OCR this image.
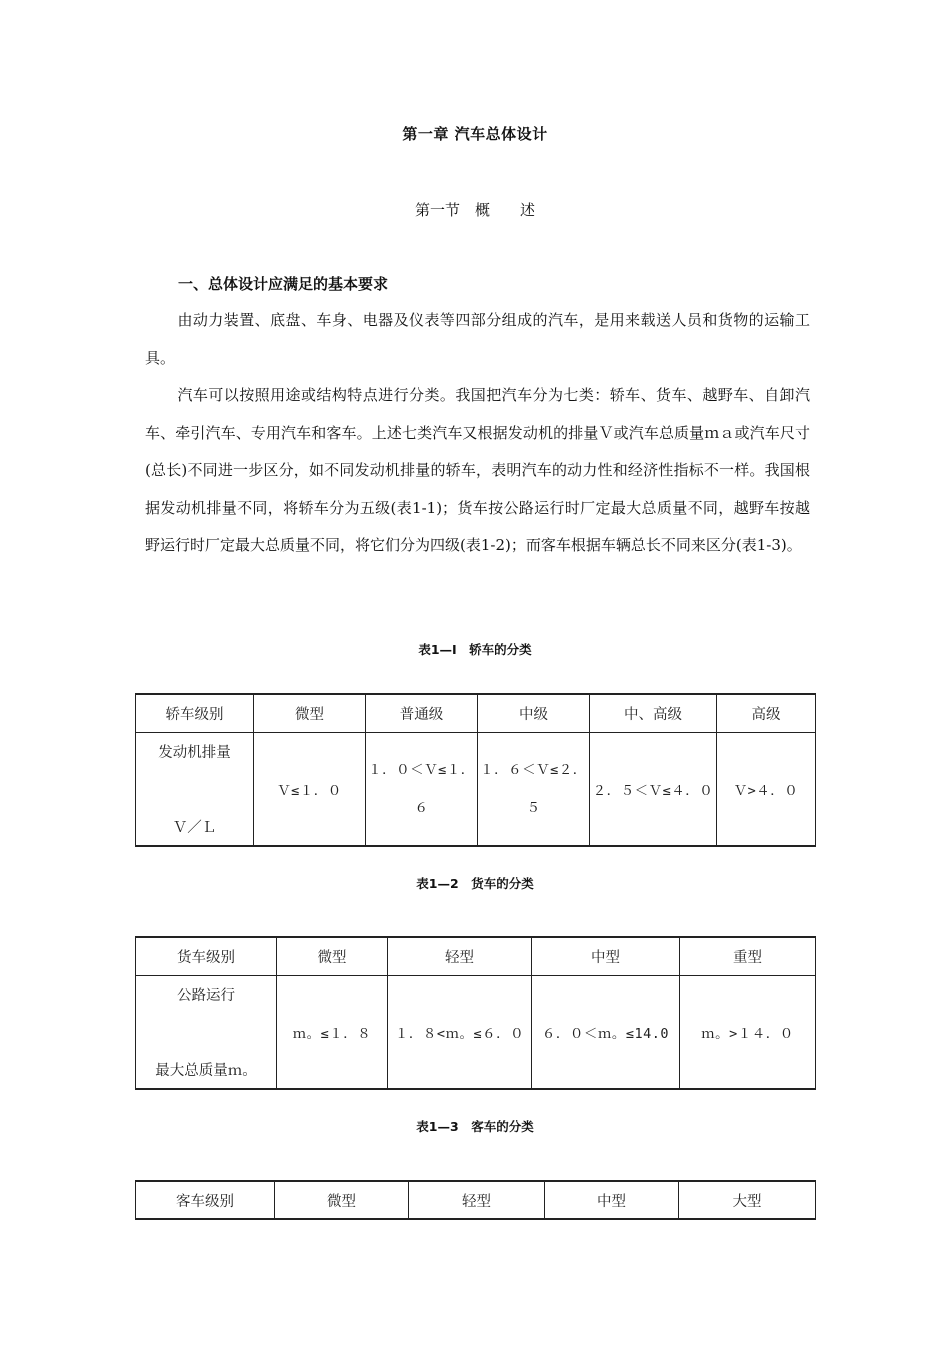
第一章 汽车总体设计
第一节　概　　述
一、总体设计应满足的基本要求
由动力装置、底盘、车身、电器及仪表等四部分组成的汽车，是用来载送人员和货物的运输工具。
汽车可以按照用途或结构特点进行分类。我国把汽车分为七类：轿车、货车、越野车、自卸汽车、牵引汽车、专用汽车和客车。上述七类汽车又根据发动机的排量Ｖ或汽车总质量ｍａ或汽车尺寸(总长)不同进一步区分，如不同发动机排量的轿车，表明汽车的动力性和经济性指标不一样。我国根据发动机排量不同，将轿车分为五级(表1-1)；货车按公路运行时厂定最大总质量不同，越野车按越野运行时厂定最大总质量不同，将它们分为四级(表1-2)；而客车根据车辆总长不同来区分(表1-3)。
表1—Ⅰ　轿车的分类
轿车级别	微型	普通级	中级	中、高级	高级

发动机排量
Ｖ／Ｌ	Ｖ≤１．０	１．０＜Ｖ≤１．６	１．６＜Ｖ≤２．５	２．５＜Ｖ≤４．０	Ｖ>４．０
表1—2　货车的分类
货车级别	微型	轻型	中型	重型

公路运行
最大总质量ｍ。	ｍ。≤１．８	１．８<ｍ。≤６．０	６．０＜ｍ。≤14.0	ｍ。>１４．０
表1—3　客车的分类
客车级别	微型	轻型	中型	大型
